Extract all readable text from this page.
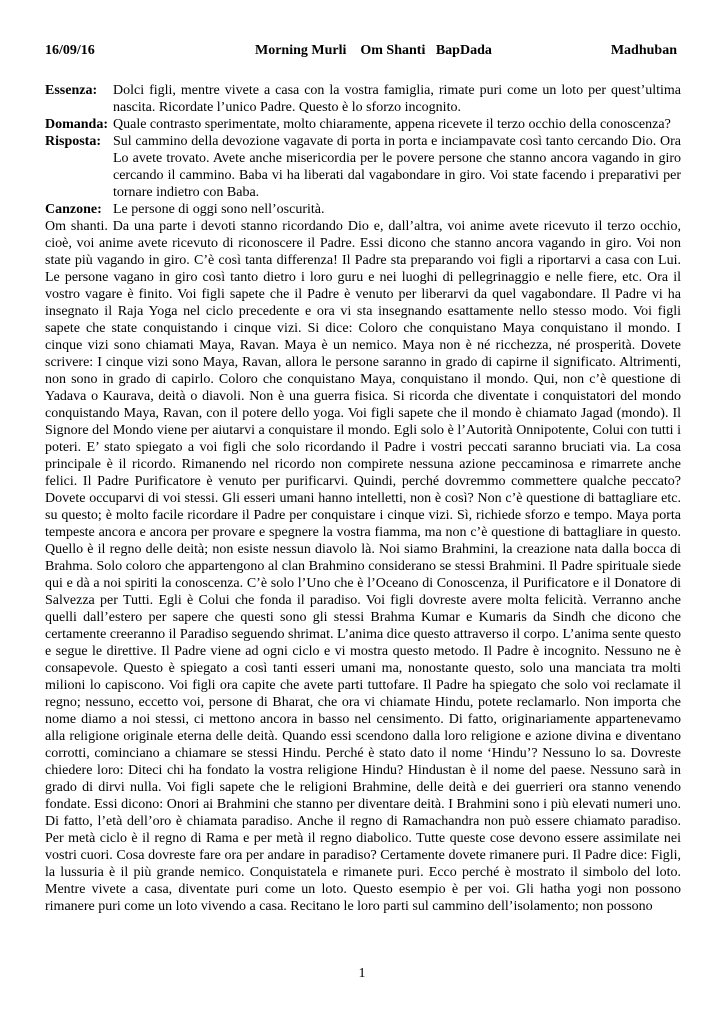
16/09/16	Morning Murli    Om Shanti   BapDada	Madhuban
Essenza:	Dolci figli, mentre vivete a casa con la vostra famiglia, rimate puri come un loto per quest’ultima nascita. Ricordate l’unico Padre. Questo è lo sforzo incognito.
Domanda: Quale contrasto sperimentate, molto chiaramente, appena ricevete il terzo occhio della conoscenza?
Risposta: Sul cammino della devozione vagavate di porta in porta e inciampavate così tanto cercando Dio. Ora Lo avete trovato. Avete anche misericordia per le povere persone che stanno ancora vagando in giro cercando il cammino. Baba vi ha liberati dal vagabondare in giro. Voi state facendo i preparativi per tornare indietro con Baba.
Canzone: Le persone di oggi sono nell’oscurità.

Om shanti. Da una parte i devoti stanno ricordando Dio e, dall’altra, voi anime avete ricevuto il terzo occhio, cioè, voi anime avete ricevuto di riconoscere il Padre. Essi dicono che stanno ancora vagando in giro. Voi non state più vagando in giro. C’è così tanta differenza! Il Padre sta preparando voi figli a riportarvi a casa con Lui. Le persone vagano in giro così tanto dietro i loro guru e nei luoghi di pellegrinaggio e nelle fiere, etc. Ora il vostro vagare è finito. Voi figli sapete che il Padre è venuto per liberarvi da quel vagabondare. Il Padre vi ha insegnato il Raja Yoga nel ciclo precedente e ora vi sta insegnando esattamente nello stesso modo. Voi figli sapete che state conquistando i cinque vizi. Si dice: Coloro che conquistano Maya conquistano il mondo. I cinque vizi sono chiamati Maya, Ravan. Maya è un nemico. Maya non è né ricchezza, né prosperità. Dovete scrivere: I cinque vizi sono Maya, Ravan, allora le persone saranno in grado di capirne il significato. Altrimenti, non sono in grado di capirlo. Coloro che conquistano Maya, conquistano il mondo. Qui, non c’è questione di Yadava o Kaurava, deità o diavoli. Non è una guerra fisica. Si ricorda che diventate i conquistatori del mondo conquistando Maya, Ravan, con il potere dello yoga. Voi figli sapete che il mondo è chiamato Jagad (mondo). Il Signore del Mondo viene per aiutarvi a conquistare il mondo. Egli solo è l’Autorità Onnipotente, Colui con tutti i poteri. E’ stato spiegato a voi figli che solo ricordando il Padre i vostri peccati saranno bruciati via. La cosa principale è il ricordo. Rimanendo nel ricordo non compirete nessuna azione peccaminosa e rimarrete anche felici. Il Padre Purificatore è venuto per purificarvi. Quindi, perché dovremmo commettere qualche peccato? Dovete occuparvi di voi stessi. Gli esseri umani hanno intelletti, non è così? Non c’è questione di battagliare etc. su questo; è molto facile ricordare il Padre per conquistare i cinque vizi. Sì, richiede sforzo e tempo. Maya porta tempeste ancora e ancora per provare e spegnere la vostra fiamma, ma non c’è questione di battagliare in questo. Quello è il regno delle deità; non esiste nessun diavolo là. Noi siamo Brahmini, la creazione nata dalla bocca di Brahma. Solo coloro che appartengono al clan Brahmino considerano se stessi Brahmini. Il Padre spirituale siede qui e dà a noi spiriti la conoscenza. C’è solo l’Uno che è l’Oceano di Conoscenza, il Purificatore e il Donatore di Salvezza per Tutti. Egli è Colui che fonda il paradiso. Voi figli dovreste avere molta felicità. Verranno anche quelli dall’estero per sapere che questi sono gli stessi Brahma Kumar e Kumaris da Sindh che dicono che certamente creeranno il Paradiso seguendo shrimat. L’anima dice questo attraverso il corpo. L’anima sente questo e segue le direttive. Il Padre viene ad ogni ciclo e vi mostra questo metodo. Il Padre è incognito. Nessuno ne è consapevole. Questo è spiegato a così tanti esseri umani ma, nonostante questo, solo una manciata tra molti milioni lo capiscono. Voi figli ora capite che avete parti tuttofare. Il Padre ha spiegato che solo voi reclamate il regno; nessuno, eccetto voi, persone di Bharat, che ora vi chiamate Hindu, potete reclamarlo. Non importa che nome diamo a noi stessi, ci mettono ancora in basso nel censimento. Di fatto, originariamente appartenevamo alla religione originale eterna delle deità. Quando essi scendono dalla loro religione e azione divina e diventano corrotti, cominciano a chiamare se stessi Hindu. Perché è stato dato il nome ‘Hindu’? Nessuno lo sa. Dovreste chiedere loro: Diteci chi ha fondato la vostra religione Hindu? Hindustan è il nome del paese. Nessuno sarà in grado di dirvi nulla. Voi figli sapete che le religioni Brahmine, delle deità e dei guerrieri ora stanno venendo fondate. Essi dicono: Onori ai Brahmini che stanno per diventare deità. I Brahmini sono i più elevati numeri uno. Di fatto, l’età dell’oro è chiamata paradiso. Anche il regno di Ramachandra non può essere chiamato paradiso. Per metà ciclo è il regno di Rama e per metà il regno diabolico. Tutte queste cose devono essere assimilate nei vostri cuori. Cosa dovreste fare ora per andare in paradiso? Certamente dovete rimanere puri. Il Padre dice: Figli, la lussuria è il più grande nemico. Conquistatela e rimanete puri. Ecco perché è mostrato il simbolo del loto. Mentre vivete a casa, diventate puri come un loto. Questo esempio è per voi. Gli hatha yogi non possono rimanere puri come un loto vivendo a casa. Recitano le loro parti sul cammino dell’isolamento; non possono

1
